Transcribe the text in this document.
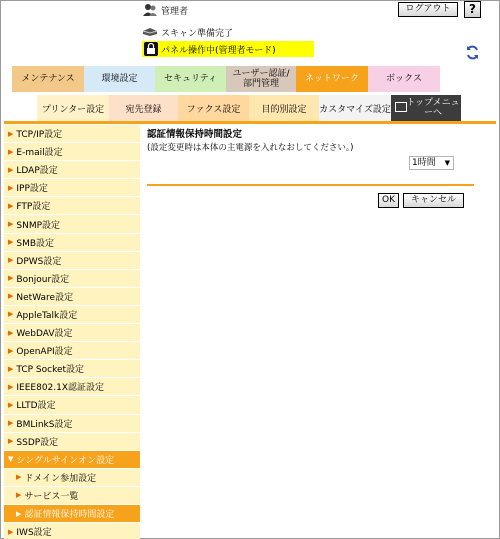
管理者	ログアウト	?
スキャン準備完了
パネル操作中(管理者モード)
メンテナンス	環境設定	セキュリティ	ユーザー認証/部門管理	ネットワーク	ボックス
プリンター設定	宛先登録	ファクス設定	目的別設定	カスタマイズ設定
トップメニューへ
▶ TCP/IP設定
▶ E-mail設定
▶ LDAP設定
▶ IPP設定
▶ FTP設定
▶ SNMP設定
▶ SMB設定
▶ DPWS設定
▶ Bonjour設定
▶ NetWare設定
▶ AppleTalk設定
▶ WebDAV設定
▶ OpenAPI設定
▶ TCP Socket設定
▶ IEEE802.1X認証設定
▶ LLTD設定
▶ BMLinkS設定
▶ SSDP設定
▼ シングルサインオン設定
▶ ドメイン参加設定
▶ サービス一覧
▶ 認証情報保持時間設定
▶ IWS設定
認証情報保持時間設定
(設定変更時は本体の主電源を入れなおしてください。)
1時間 ▼
OK	キャンセル
